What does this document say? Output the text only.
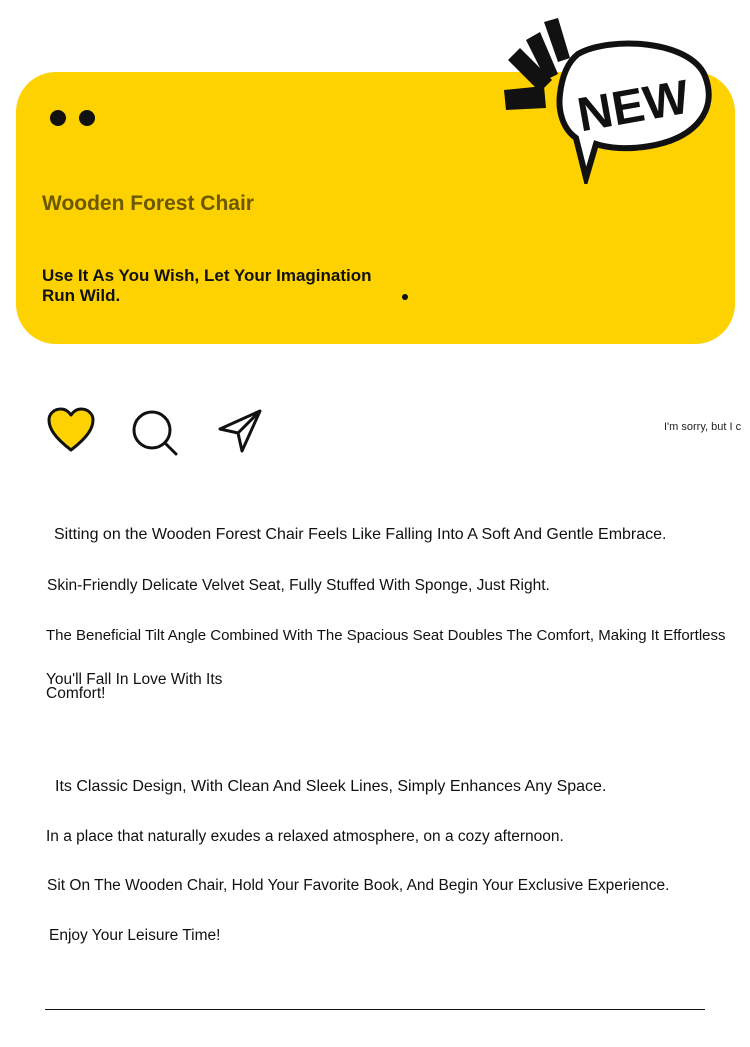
Wooden Forest Chair
Use It As You Wish, Let Your Imagination Run Wild.
NEW
I'm sorry, but I c
Sitting on the Wooden Forest Chair Feels Like Falling Into A Soft And Gentle Embrace.
Skin-Friendly Delicate Velvet Seat, Fully Stuffed With Sponge, Just Right.
The Beneficial Tilt Angle Combined With The Spacious Seat Doubles The Comfort, Making It Effortless
You'll Fall In Love With Its Comfort!
Its Classic Design, With Clean And Sleek Lines, Simply Enhances Any Space.
In a place that naturally exudes a relaxed atmosphere, on a cozy afternoon.
Sit On The Wooden Chair, Hold Your Favorite Book, And Begin Your Exclusive Experience.
Enjoy Your Leisure Time!
